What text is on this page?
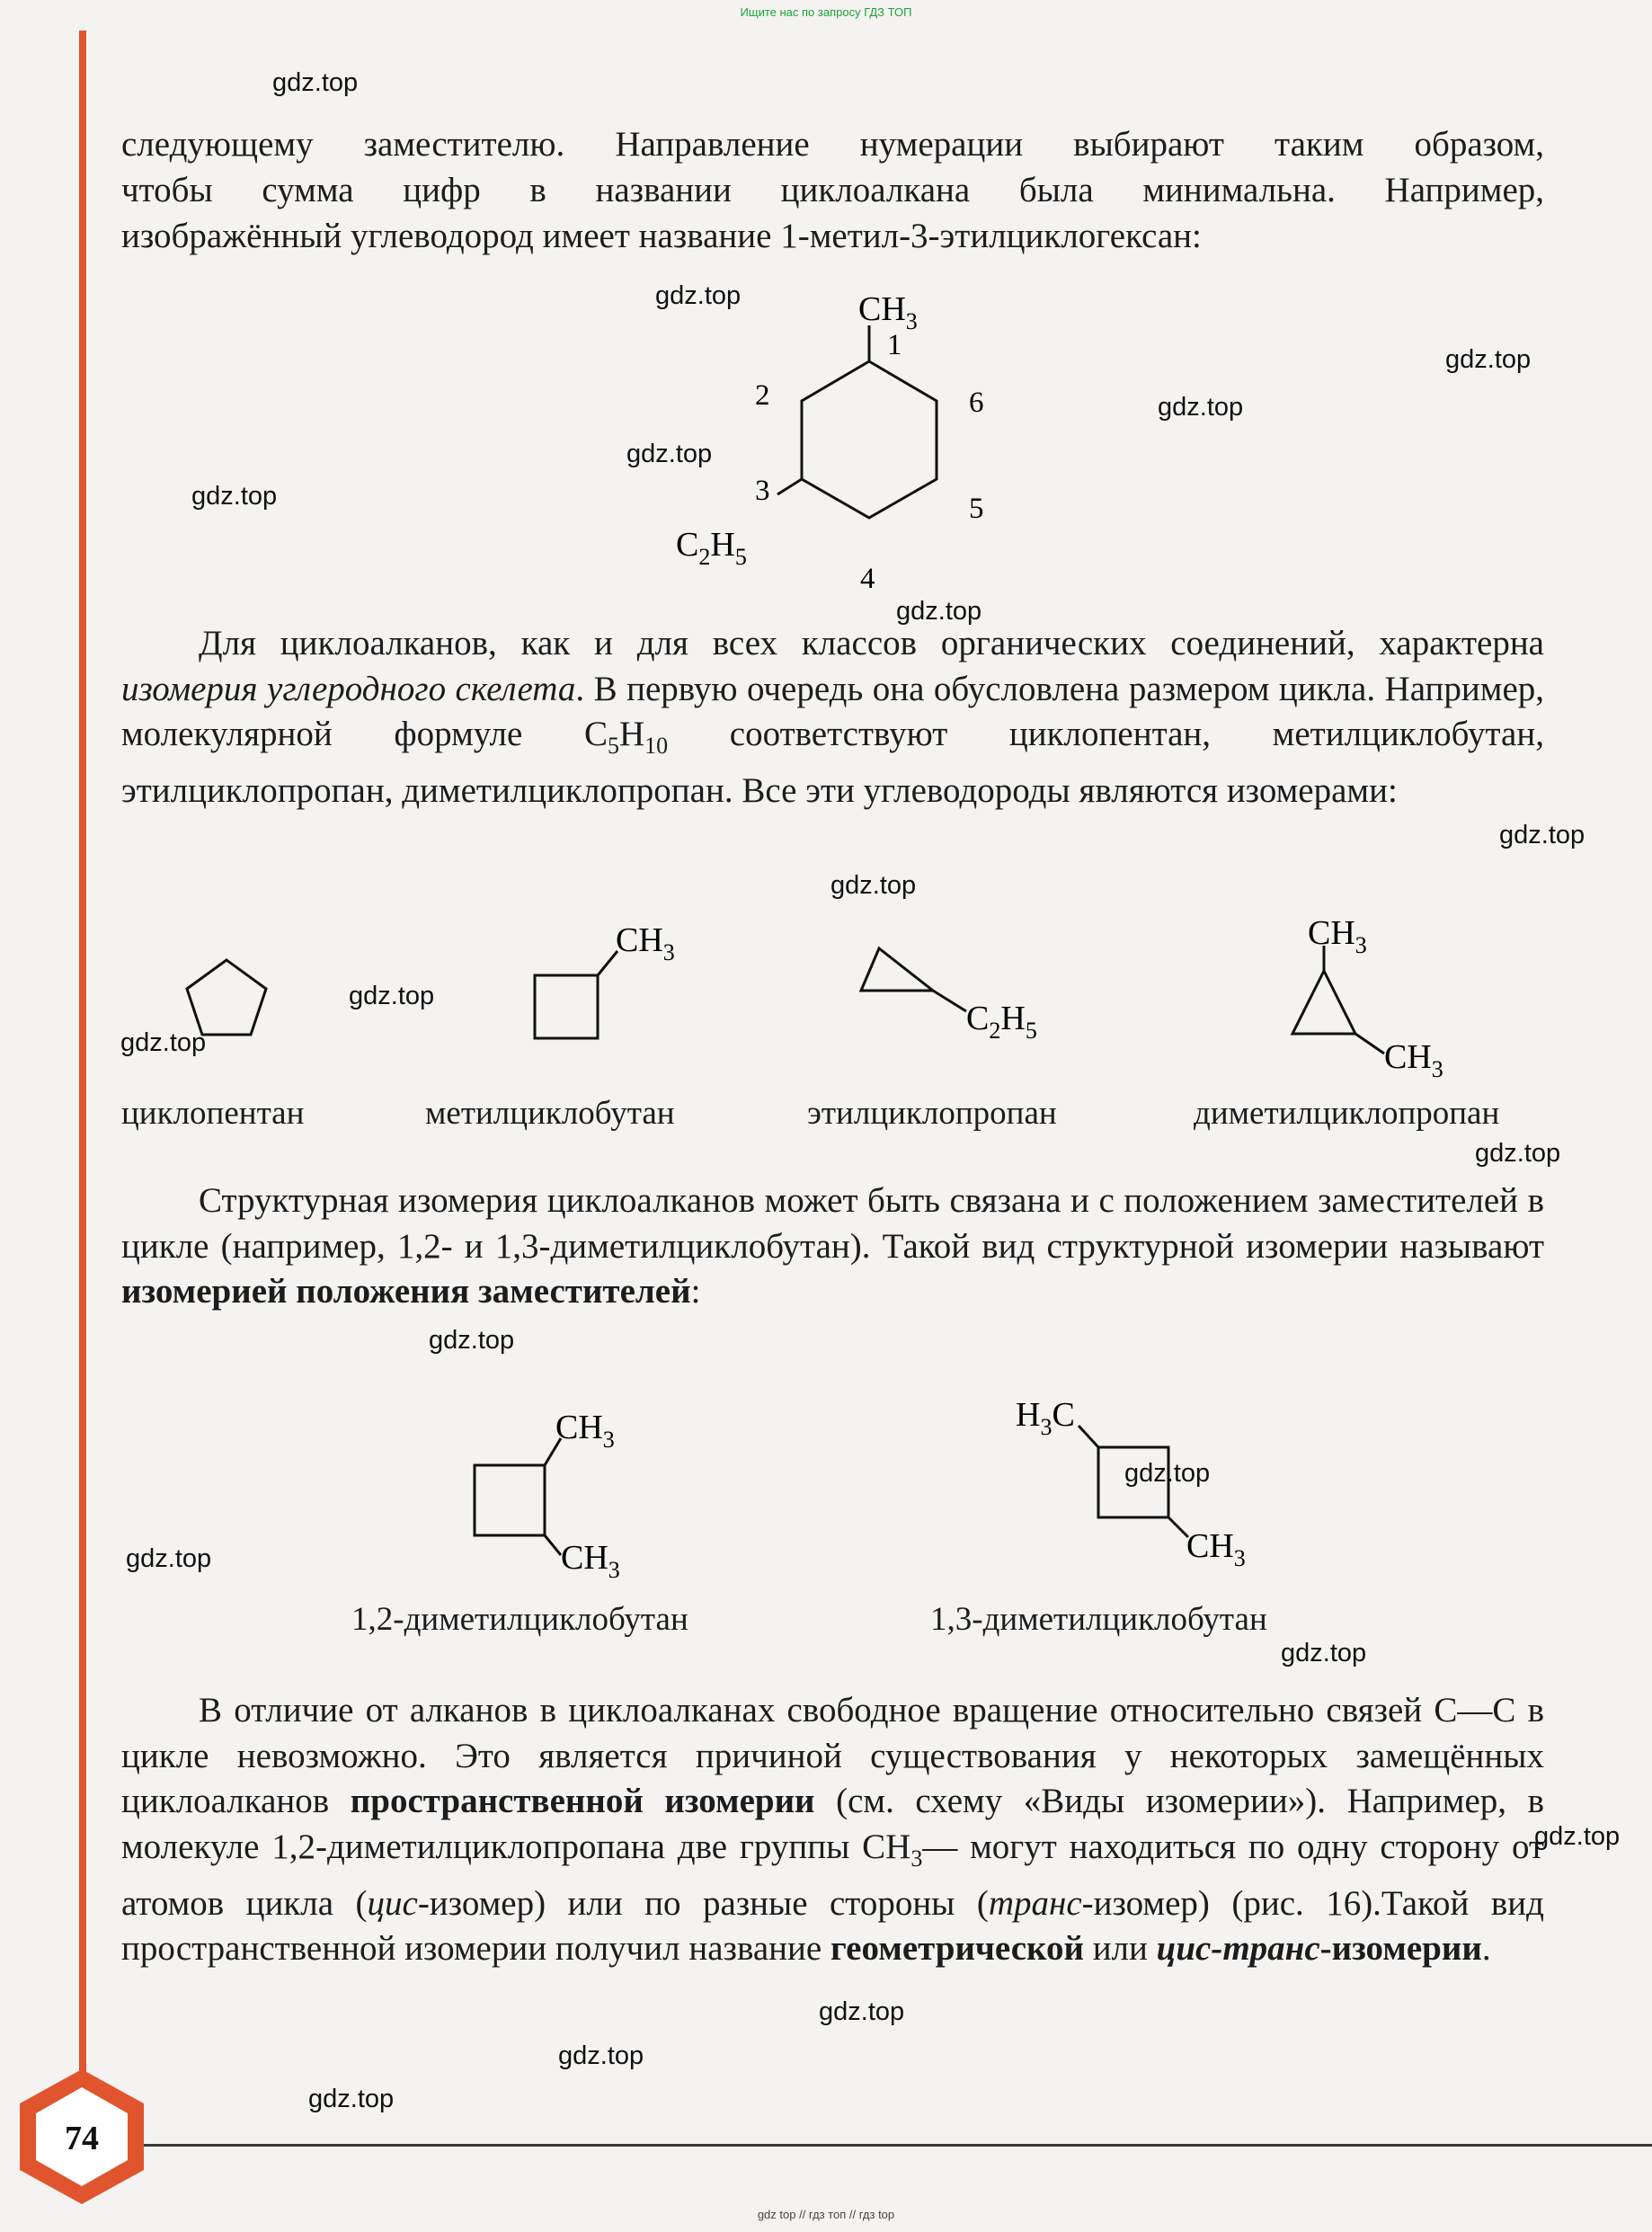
Ищите нас по запросу ГДЗ ТОП
следующему заместителю. Направление нумерации выбирают таким образом,
чтобы сумма цифр в названии циклоалкана была минимальна. Например,
изображённый углеводород имеет название 1-метил-3-этилциклогексан:
$CH_3$
1
2
3
4
5
6
$C_2H_5$
Для циклоалканов, как и для всех классов органических соединений, характерна изомерия углеродного скелета. В первую очередь она обусловлена размером цикла. Например, молекулярной формуле $C_5H_{10}$ соответствуют циклопентан, метилциклобутан, этилциклопропан, диметилциклопропан. Все эти углеводороды являются изомерами:
$CH_3$
$C_2H_5$
$CH_3$
$CH_3$
циклопентан	метилциклобутан	этилциклопропан	диметилциклопропан
Структурная изомерия циклоалканов может быть связана и с положением заместителей в цикле (например, 1,2- и 1,3-диметилциклобутан). Такой вид структурной изомерии называют изомерией положения заместителей:
$CH_3$
$CH_3$
$H_3C$
$CH_3$
1,2-диметилциклобутан	1,3-диметилциклобутан
В отличие от алканов в циклоалканах свободное вращение относительно связей С—С в цикле невозможно. Это является причиной существования у некоторых замещённых циклоалканов пространственной изомерии (см. схему «Виды изомерии»). Например, в молекуле 1,2-диметилциклопропана две группы $СН_3—$ могут находиться по одну сторону от атомов цикла (цис-изомер) или по разные стороны (транс-изомер) (рис. 16).Такой вид пространственной изомерии получил название геометрической или цис-транс-изомерии.
74
gdz.top
gdz.top
gdz.top
gdz.top
gdz.top
gdz.top
gdz.top
gdz.top
gdz.top
gdz.top
gdz.top
gdz.top
gdz.top
gdz.top
gdz.top
gdz.top
gdz.top
gdz.top
gdz.top
gdz.top
gdz top // гдз топ // гдз top
